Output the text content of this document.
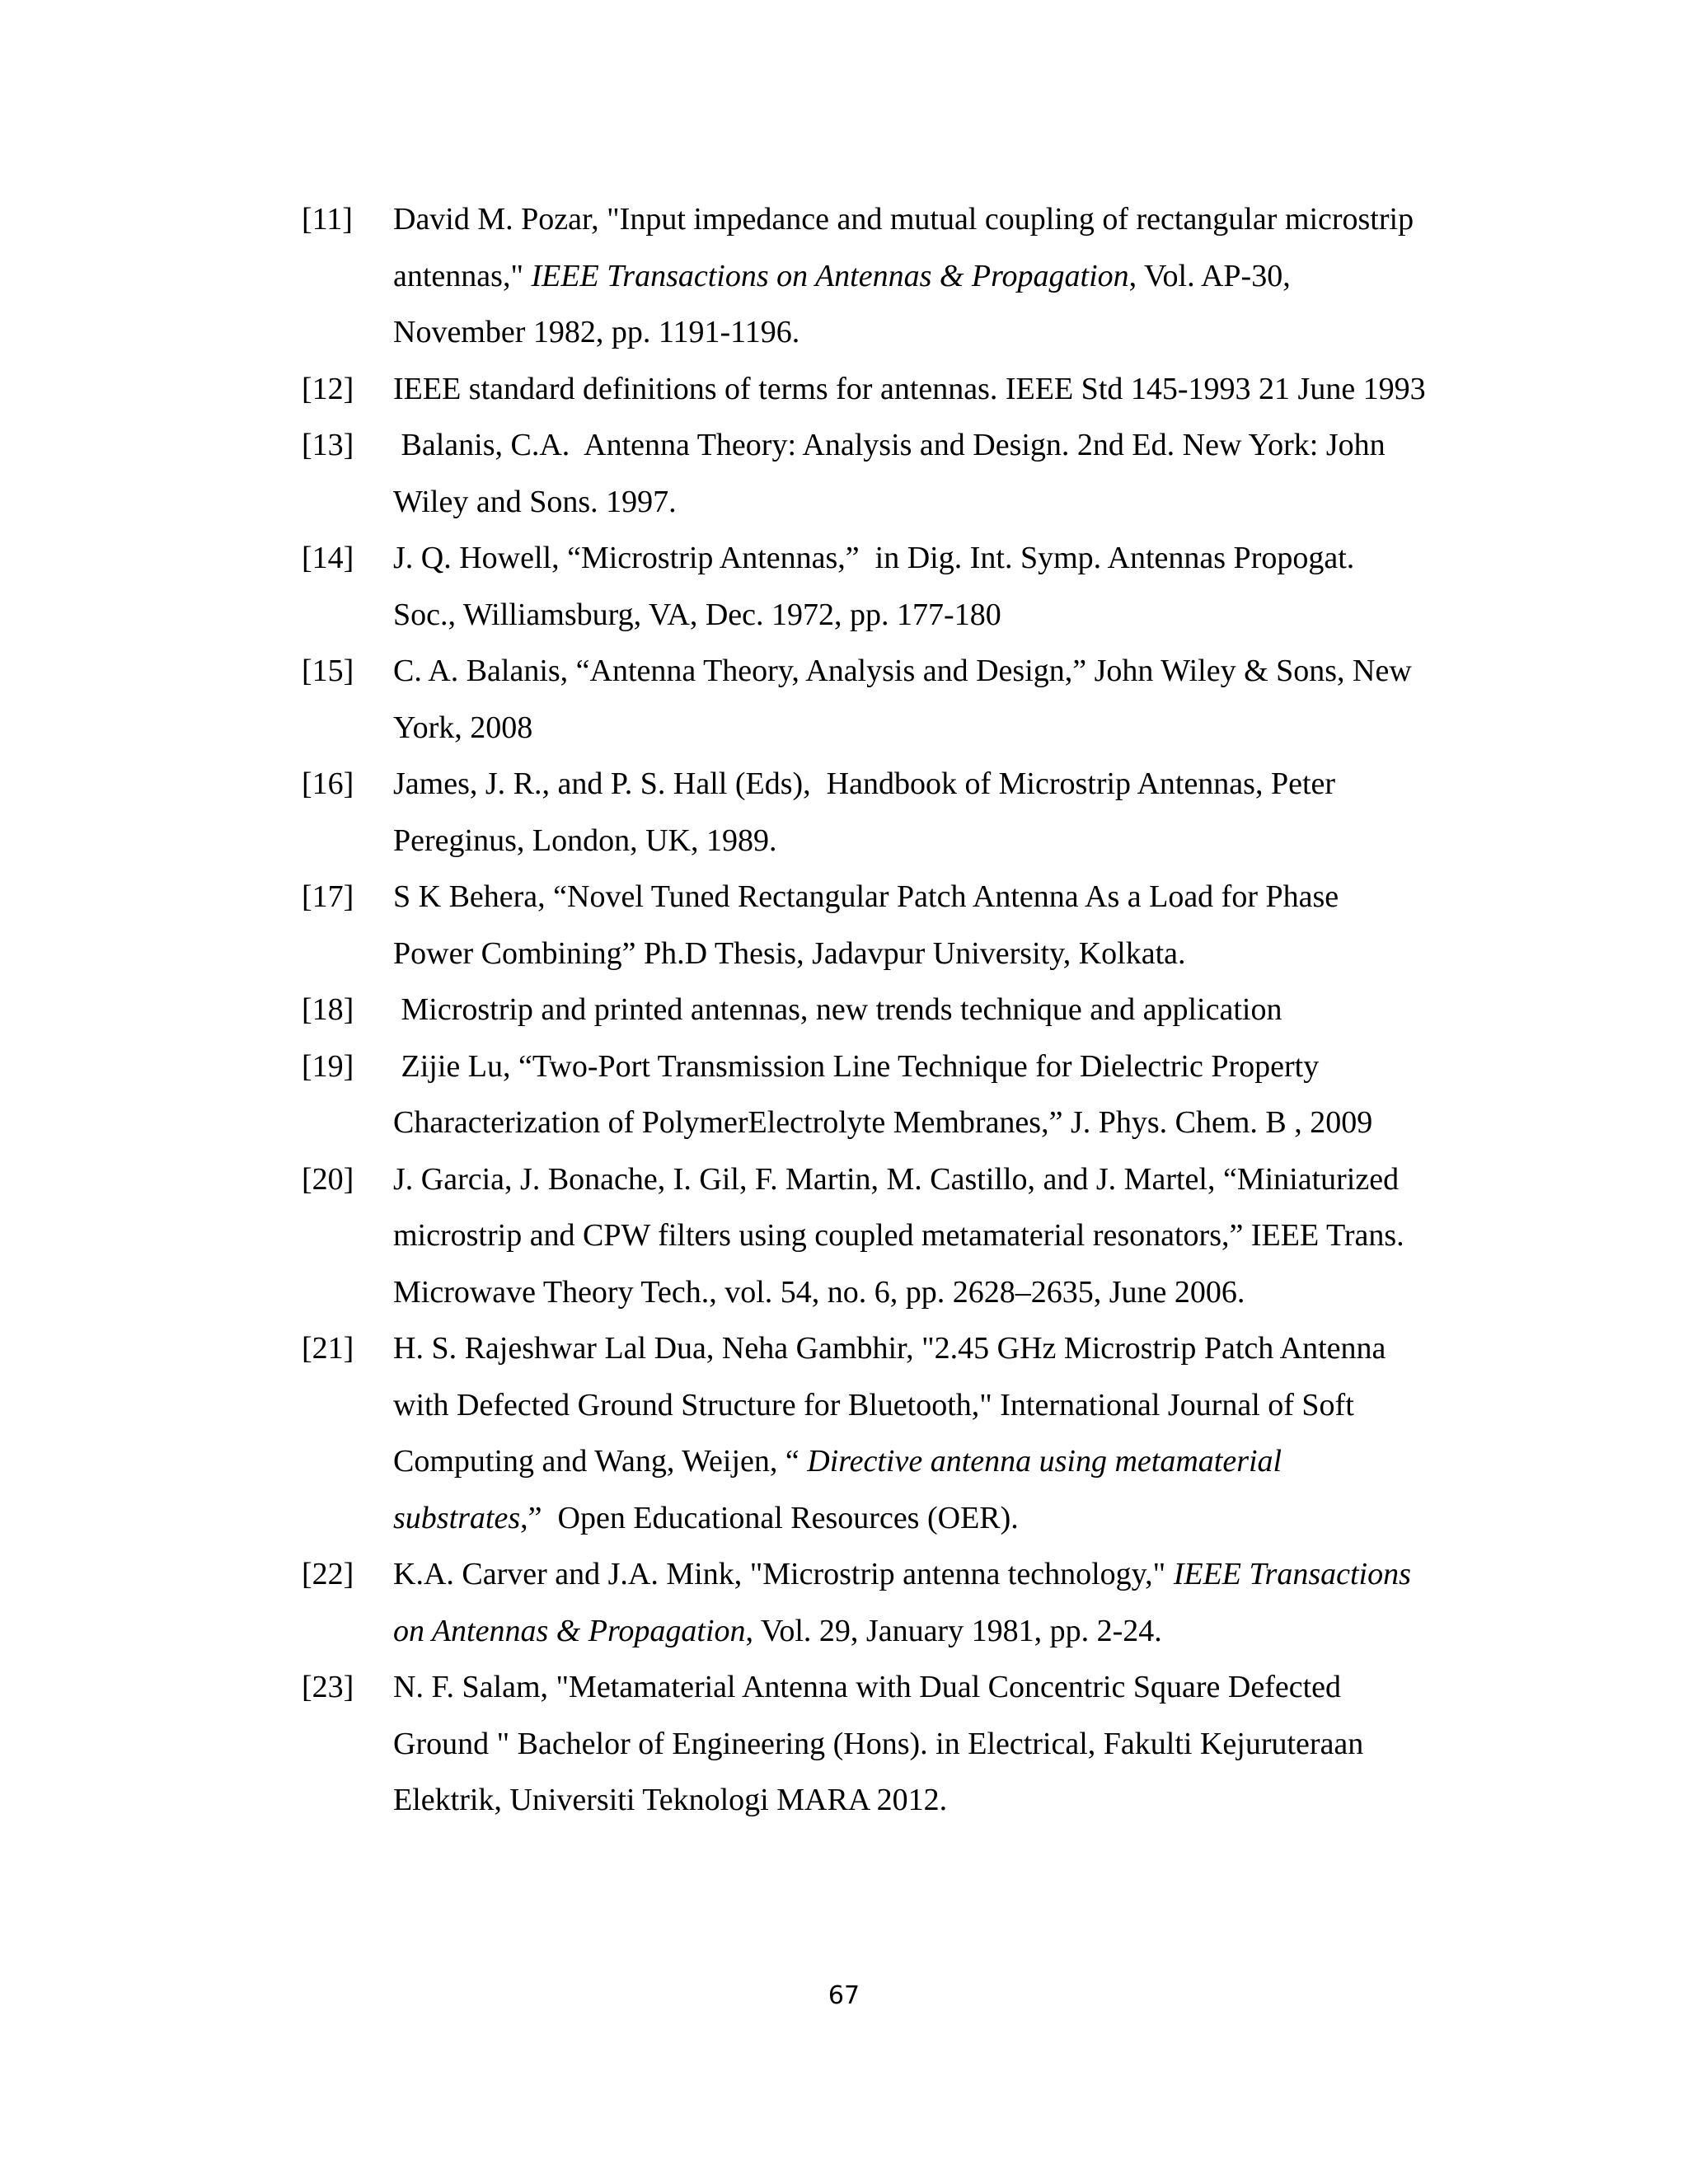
[11]	David M. Pozar, "Input impedance and mutual coupling of rectangular microstrip
antennas," IEEE Transactions on Antennas & Propagation, Vol. AP-30,
November 1982, pp. 1191-1196.
[12]	IEEE standard definitions of terms for antennas. IEEE Std 145-1993 21 June 1993
[13]	Balanis, C.A.  Antenna Theory: Analysis and Design. 2nd Ed. New York: John
Wiley and Sons. 1997.
[14]	J. Q. Howell, “Microstrip Antennas,”  in Dig. Int. Symp. Antennas Propogat.
Soc., Williamsburg, VA, Dec. 1972, pp. 177-180
[15]	C. A. Balanis, “Antenna Theory, Analysis and Design,” John Wiley & Sons, New
York, 2008
[16]	James, J. R., and P. S. Hall (Eds),  Handbook of Microstrip Antennas, Peter
Pereginus, London, UK, 1989.
[17]	S K Behera, “Novel Tuned Rectangular Patch Antenna As a Load for Phase
Power Combining” Ph.D Thesis, Jadavpur University, Kolkata.
[18]	Microstrip and printed antennas, new trends technique and application
[19]	Zijie Lu, “Two-Port Transmission Line Technique for Dielectric Property
Characterization of PolymerElectrolyte Membranes,” J. Phys. Chem. B , 2009
[20]	J. Garcia, J. Bonache, I. Gil, F. Martin, M. Castillo, and J. Martel, “Miniaturized
microstrip and CPW filters using coupled metamaterial resonators,” IEEE Trans.
Microwave Theory Tech., vol. 54, no. 6, pp. 2628–2635, June 2006.
[21]	H. S. Rajeshwar Lal Dua, Neha Gambhir, "2.45 GHz Microstrip Patch Antenna
with Defected Ground Structure for Bluetooth," International Journal of Soft
Computing and Wang, Weijen, “ Directive antenna using metamaterial
substrates,”  Open Educational Resources (OER).
[22]	K.A. Carver and J.A. Mink, "Microstrip antenna technology," IEEE Transactions
on Antennas & Propagation, Vol. 29, January 1981, pp. 2-24.
[23]	N. F. Salam, "Metamaterial Antenna with Dual Concentric Square Defected
Ground " Bachelor of Engineering (Hons). in Electrical, Fakulti Kejuruteraan
Elektrik, Universiti Teknologi MARA 2012.
67
